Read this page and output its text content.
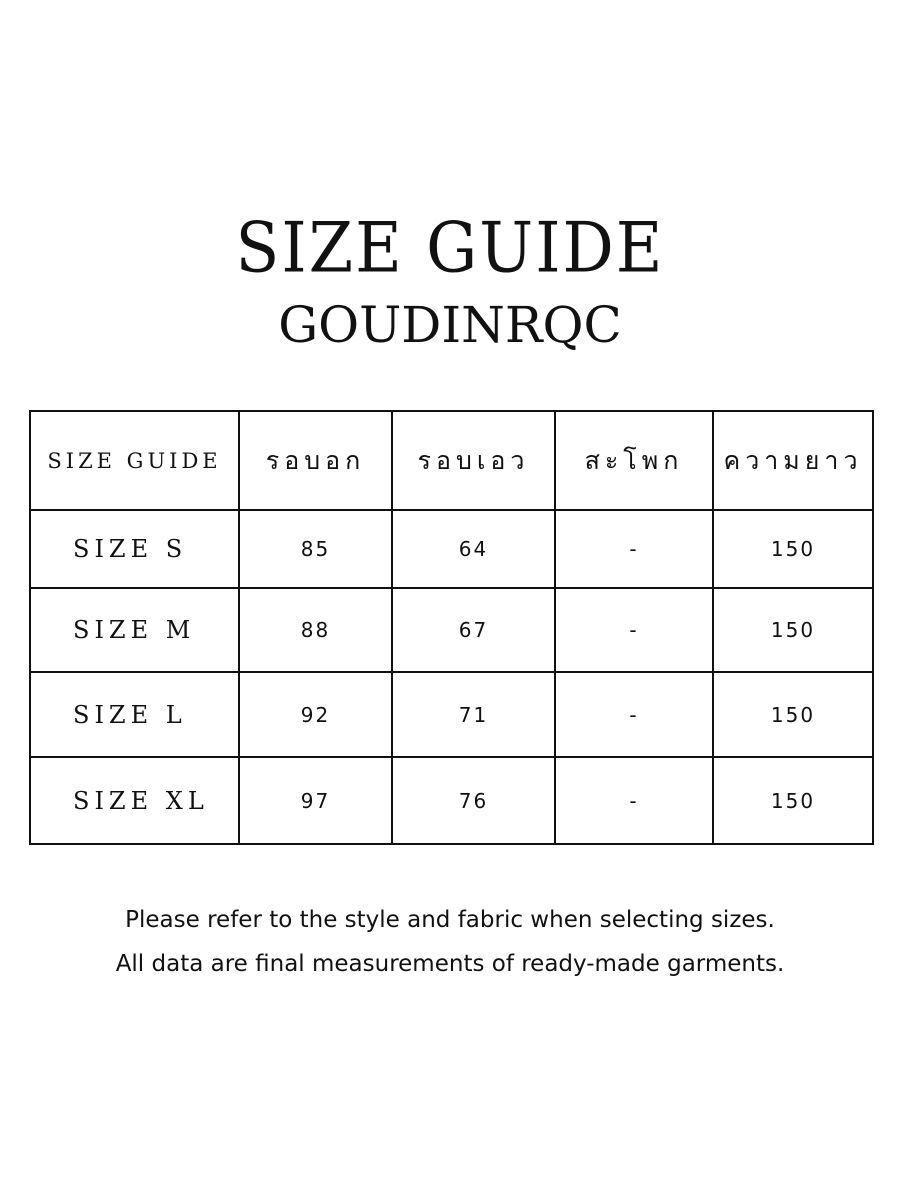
SIZE GUIDE
GOUDINRQC
SIZE GUIDE	รอบอก	รอบเอว	สะโพก	ความยาว
SIZE S	85	64	-	150
SIZE M	88	67	-	150
SIZE L	92	71	-	150
SIZE XL	97	76	-	150
Please refer to the style and fabric when selecting sizes.
All data are final measurements of ready-made garments.
